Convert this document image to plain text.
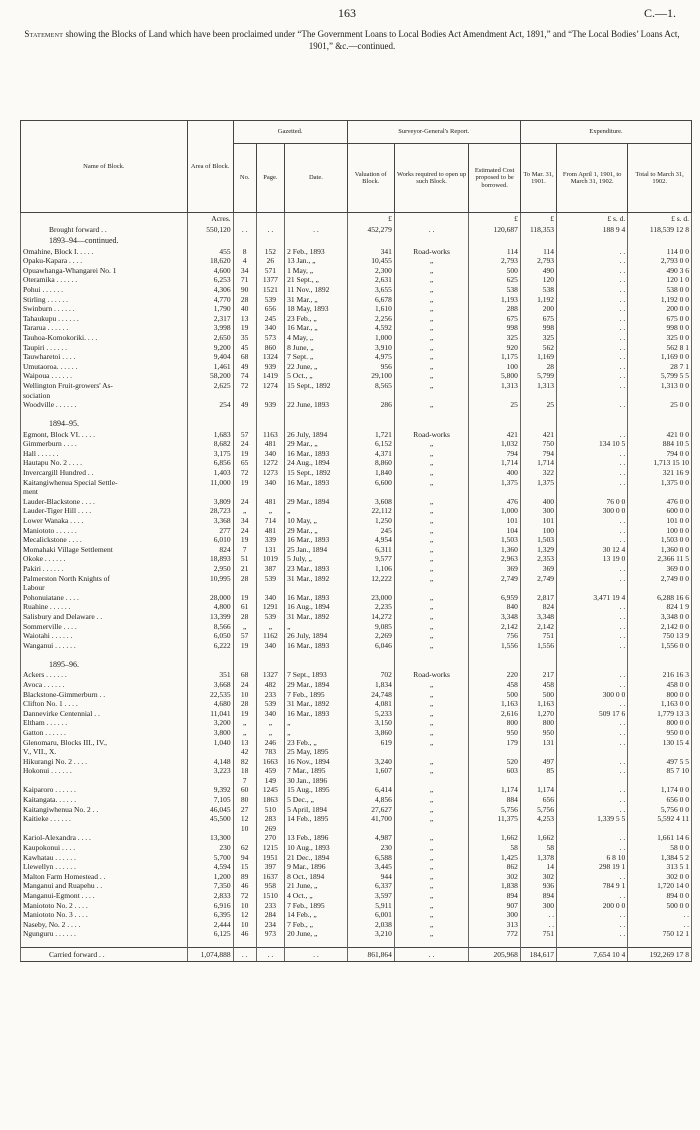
163	C.—1.
Statement showing the Blocks of Land which have been proclaimed under “The Government Loans to Local Bodies Act Amendment Act, 1891,” and “The Local Bodies’ Loans Act, 1901,” &c.—continued.
Name of Block.	Area of Block.	Gazetted.			Surveyor-General's Report.			Expenditure.		
		No.	Page.	Date.	Valuation of Block.	Works required to open up such Block.	Estimated Cost proposed to be borrowed.	To Mar. 31, 1901.	From April 1, 1901, to March 31, 1902.	Total to March 31, 1902.
	Acres.				£		£	£	£ s. d.	£ s. d.
Brought forward . .	550,120	. .	. .	. .	452,279	. .	120,687	118,353	188 9 4	118,539 12 8
1893–94—continued.										
Omahine, Block I. . . . .	455	8	152	2 Feb., 1893	341	Road-works	114	114	. .	114 0 0
Opaku-Kapara . . . .	18,620	4	26	13 Jan., „	10,455	„	2,793	2,793	. .	2,793 0 0
Opuawhanga-Whangarei No. 1	4,600	34	571	1 May, „	2,300	„	500	490	. .	490 3 6
Oteramika . . . . . .	6,253	71	1377	21 Sept., „	2,631	„	625	120	. .	120 1 0
Pohui . . . . . .	4,306	90	1521	11 Nov., 1892	3,655	„	538	538	. .	538 0 0
Stirling . . . . . .	4,770	28	539	31 Mar., „	6,678	„	1,193	1,192	. .	1,192 0 0
Swinburn . . . . . .	1,790	40	656	18 May, 1893	1,610	„	288	200	. .	200 0 0
Tahaukupu . . . . . .	2,317	13	245	23 Feb., „	2,256	„	675	675	. .	675 0 0
Tararua . . . . . .	3,998	19	340	16 Mar., „	4,592	„	998	998	. .	998 0 0
Tauhoa-Komokoriki. . . .	2,650	35	573	4 May, „	1,000	„	325	325	. .	325 0 0
Taupiri . . . . . .	9,200	45	860	8 June, „	3,910	„	920	562	. .	562 8 1
Tauwharetoi . . . .	9,404	68	1324	7 Sept. „	4,975	„	1,175	1,169	. .	1,169 0 0
Umutaoroa. . . . . .	1,461	49	939	22 June, „	956	„	100	28	. .	28 7 1
Waipoua . . . . . .	58,200	74	1419	5 Oct., „	29,100	„	5,800	5,799	. .	5,799 5 5
Wellington Fruit-growers' As-	2,625	72	1274	15 Sept., 1892	8,565	„	1,313	1,313	. .	1,313 0 0
sociation										
Woodville . . . . . .	254	49	939	22 June, 1893	286	„	25	25	. .	25 0 0

1894–95.										
Egmont, Block VI. . . . .	1,683	57	1163	26 July, 1894	1,721	Road-works	421	421	. .	421 0 0
Gimmerburn . . . .	8,682	24	481	29 Mar., „	6,152	„	1,032	750	134 10 5	884 10 5
Hall . . . . . .	3,175	19	340	16 Mar., 1893	4,371	„	794	794	. .	794 0 0
Hautapu No. 2 . . . .	6,856	65	1272	24 Aug., 1894	8,860	„	1,714	1,714	. .	1,713 15 10
Invercargill Hundred . .	1,403	72	1273	15 Sept., 1892	1,840	„	400	322	. .	321 16 9
Kaitangiwhenua Special Settle-	11,000	19	340	16 Mar., 1893	6,600	„	1,375	1,375	. .	1,375 0 0
ment										
Lauder-Blackstone . . . .	3,809	24	481	29 Mar., 1894	3,608	„	476	400	76 0 0	476 0 0
Lauder-Tiger Hill . . . .	28,723	„	„	„	22,112	„	1,000	300	300 0 0	600 0 0
Lower Wanaka . . . .	3,368	34	714	10 May, „	1,250	„	101	101	. .	101 0 0
Maniototo . . . . . .	277	24	481	29 Mar., „	245	„	104	100	. .	100 0 0
Mecalickstone . . . .	6,010	19	339	16 Mar., 1893	4,954	„	1,503	1,503	. .	1,503 0 0
Momahaki Village Settlement	824	7	131	25 Jan., 1894	6,311	„	1,360	1,329	30 12 4	1,360 0 0
Okoke . . . . . .	18,893	51	1019	5 July, „	9,577	„	2,963	2,353	13 19 0	2,366 11 5
Pakiri . . . . . .	2,950	21	387	23 Mar., 1893	1,106	„	369	369	. .	369 0 0
Palmerston North Knights of	10,995	28	539	31 Mar., 1892	12,222	„	2,749	2,749	. .	2,749 0 0
Labour										
Pohonuiatane . . . .	28,000	19	340	16 Mar., 1893	23,000	„	6,959	2,817	3,471 19 4	6,288 16 6
Ruahine . . . . . .	4,800	61	1291	16 Aug., 1894	2,235	„	840	824	. .	824 1 9
Salisbury and Delaware . .	13,399	28	539	31 Mar., 1892	14,272	„	3,348	3,348	. .	3,348 0 0
Sommerville . . . .	8,566	„	„	„	9,085	„	2,142	2,142	. .	2,142 0 0
Waiotahi . . . . . .	6,050	57	1162	26 July, 1894	2,269	„	756	751	. .	750 13 9
Wanganui . . . . . .	6,222	19	340	16 Mar., 1893	6,046	„	1,556	1,556	. .	1,556 0 0

1895–96.										
Ackers . . . . . .	351	68	1327	7 Sept., 1893	702	Road-works	220	217	. .	216 16 3
Avoca . . . . . .	3,668	24	482	29 Mar., 1894	1,834	„	458	458	. .	458 0 0
Blackstone-Gimmerburn . .	22,535	10	233	7 Feb., 1895	24,748	„	500	500	300 0 0	800 0 0
Clifton No. 1 . . . .	4,680	28	539	31 Mar., 1892	4,081	„	1,163	1,163	. .	1,163 0 0
Dannevirke Centennial . .	11,041	19	340	16 Mar., 1893	5,233	„	2,616	1,270	509 17 6	1,779 13 3
Eltham . . . . . .	3,200	„	„	„	3,150	„	800	800	. .	800 0 0
Gatton . . . . . .	3,800	„	„	„	3,860	„	950	950	. .	950 0 0
Glenomaru, Blocks III., IV.,	1,040	13	246	23 Feb., „	619	„	179	131	. .	130 15 4
V., VII., X.		42	783	25 May, 1895						
Hikurangi No. 2 . . . .	4,148	82	1663	16 Nov., 1894	3,240	„	520	497	. .	497 5 5
Hokonui . . . . . .	3,223	18	459	7 Mar., 1895	1,607	„	603	85	. .	85 7 10
		7	149	30 Jan., 1896						
Kaiparoro . . . . . .	9,392	60	1245	15 Aug., 1895	6,414	„	1,174	1,174	. .	1,174 0 0
Kaitangata. . . . . .	7,105	80	1863	5 Dec., „	4,856	„	884	656	. .	656 0 0
Kaitangiwhenua No. 2 . .	46,045	27	510	5 April, 1894	27,627	„	5,756	5,756	. .	5,756 0 0
Kaitieke . . . . . .	45,500	12	283	14 Feb., 1895	41,700	„	11,375	4,253	1,339 5 5	5,592 4 11
		10	269							
Kariol-Alexandra . . . .	13,300		270	13 Feb., 1896	4,987	„	1,662	1,662	. .	1,661 14 6
Kaupokonui . . . .	230	62	1215	10 Aug., 1893	230	„	58	58	. .	58 0 0
Kawhatau . . . . . .	5,700	94	1951	21 Dec., 1894	6,588	„	1,425	1,378	6 8 10	1,384 5 2
Llewellyn . . . . . .	4,594	15	397	9 Mar., 1896	3,445	„	862	14	298 19 1	313 5 1
Malton Farm Homestead . .	1,200	89	1637	8 Oct., 1894	944	„	302	302	. .	302 0 0
Manganui and Ruapehu . .	7,350	46	958	21 June, „	6,337	„	1,838	936	784 9 1	1,720 14 0
Manganui-Egmont . . . .	2,833	72	1510	4 Oct., „	3,597	„	894	894	. .	894 0 0
Maniototo No. 2 . . . .	6,916	10	233	7 Feb., 1895	5,911	„	907	300	200 0 0	500 0 0
Maniototo No. 3 . . . .	6,395	12	284	14 Feb., „	6,001	„	300	. .	. .	. .
Naseby, No. 2 . . . .	2,444	10	234	7 Feb., „	2,038	„	313	. .	. .	. .
Ngunguru . . . . . .	6,125	46	973	20 June, „	3,210	„	772	751	. .	750 12 1

Carried forward . .	1,074,888	. .	. .	. .	861,864	. .	205,968	184,617	7,654 10 4	192,269 17 8
